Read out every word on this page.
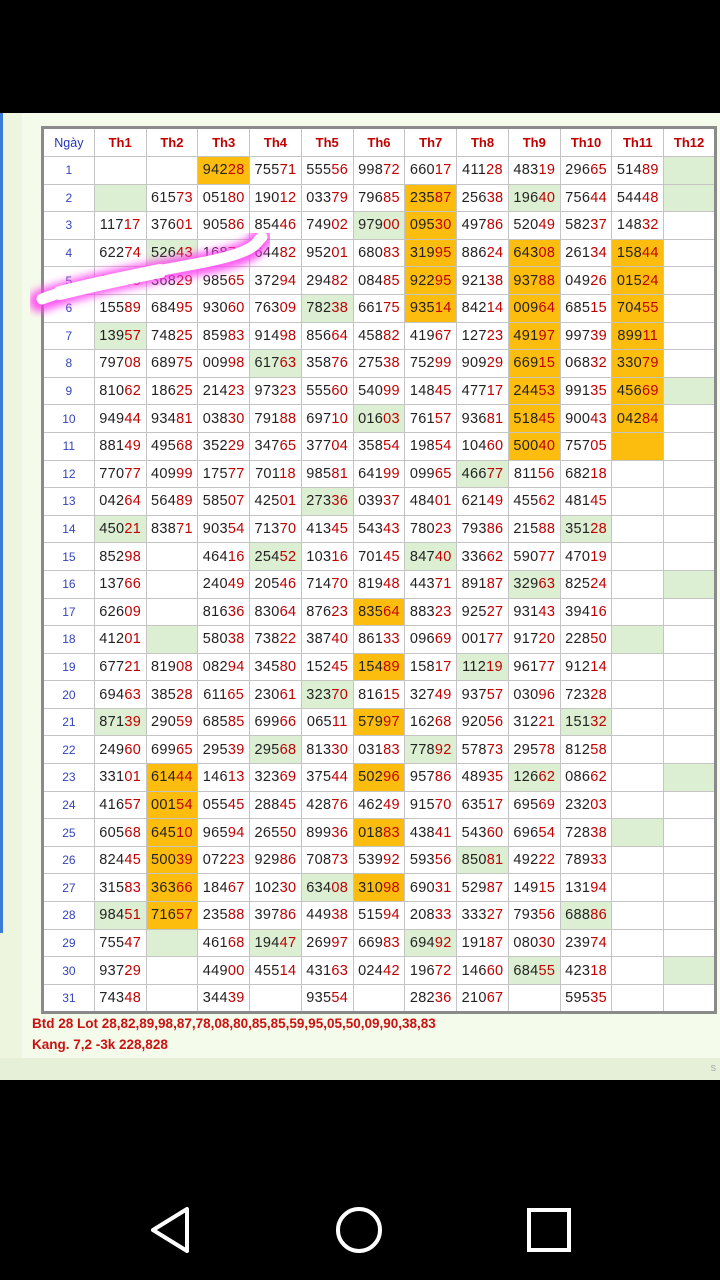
Ngày	Th1	Th2	Th3	Th4	Th5	Th6	Th7	Th8	Th9	Th10	Th11	Th12
1			94228	75571	55556	99872	66017	41128	48319	29665	51489	
2		61573	05180	19012	03379	79685	23587	25638	19640	75644	54448	
3	11717	37601	90586	85446	74902	97900	09530	49786	52049	58237	14832	
4	62274	52643	16873	64482	95201	68083	31995	88624	64308	26134	15844	
5	18105	36829	98565	37294	29482	08485	92295	92138	93788	04926	01524	
6	15589	68495	93060	76309	78238	66175	93514	84214	00964	68515	70455	
7	13957	74825	85983	91498	85664	45882	41967	12723	49197	99739	89911	
8	79708	68975	00998	61763	35876	27538	75299	90929	66915	06832	33079	
9	81062	18625	21423	97323	55560	54099	14845	47717	24453	99135	45669	
10	94944	93481	03830	79188	69710	01603	76157	93681	51845	90043	04284	
11	88149	49568	35229	34765	37704	35854	19854	10460	50040	75705		
12	77077	40999	17577	70118	98581	64199	09965	46677	81156	68218		
13	04264	56489	58507	42501	27336	03937	48401	62149	45562	48145		
14	45021	83871	90354	71370	41345	54343	78023	79386	21588	35128		
15	85298		46416	25452	10316	70145	84740	33662	59077	47019		
16	13766		24049	20546	71470	81948	44371	89187	32963	82524		
17	62609		81636	83064	87623	83564	88323	92527	93143	39416		
18	41201		58038	73822	38740	86133	09669	00177	91720	22850		
19	67721	81908	08294	34580	15245	15489	15817	11219	96177	91214		
20	69463	38528	61165	23061	32370	81615	32749	93757	03096	72328		
21	87139	29059	68585	69966	06511	57997	16268	92056	31221	15132		
22	24960	69965	29539	29568	81330	03183	77892	57873	29578	81258		
23	33101	61444	14613	32369	37544	50296	95786	48935	12662	08662		
24	41657	00154	05545	28845	42876	46249	91570	63517	69569	23203		
25	60568	64510	96594	26550	89936	01883	43841	54360	69654	72838		
26	82445	50039	07223	92986	70873	53992	59356	85081	49222	78933		
27	31583	36366	18467	10230	63408	31098	69031	52987	14915	13194		
28	98451	71657	23588	39786	44938	51594	20833	33327	79356	68886		
29	75547		46168	19447	26997	66983	69492	19187	08030	23974		
30	93729		44900	45514	43163	02442	19672	14660	68455	42318		
31	74348		34439		93554		28236	21067		59535		
Btd 28 Lot 28,82,89,98,87,78,08,80,85,85,59,95,05,50,09,90,38,83
Kang. 7,2 -3k 228,828
S
